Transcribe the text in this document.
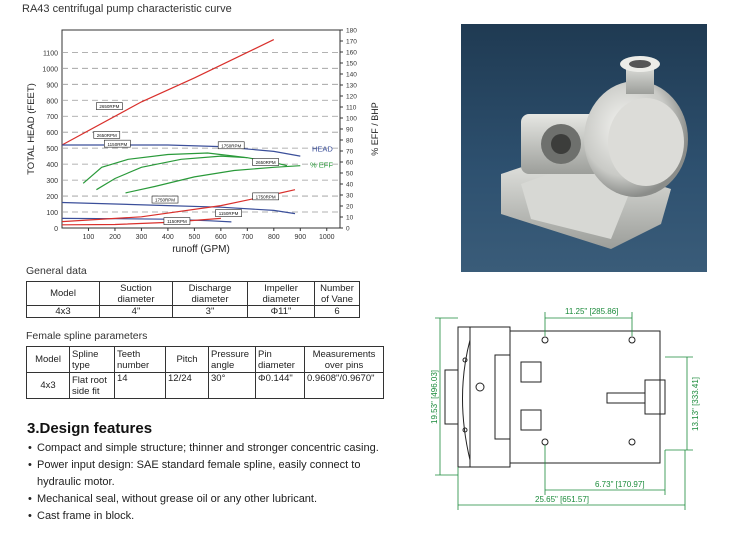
RA43 centrifugal pump characteristic curve
100
200
300
400
500
600
700
800
900
1000
1100
0
100 200 300 400 500 600 700 800 900 1000
0
10
20
30
40
50
60
70
80
90
100
110
120
130
140
150
160
170
180
2650RPM
2650RPM
1150RPM	1750RPM
2650RPM
1750RPM
1750RPM
1150RPM
1150RPM
HEAD
% EFF
runoff (GPM)
TOTAL HEAD (FEET)	% EFF / BHP
General data
Model	Suction diameter	Discharge diameter	Impeller diameter	Number of Vane
4x3	4"	3"	Φ11"	6
Female spline parameters
Model	Spline type	Teeth number	Pitch	Pressure angle	Pin diameter	Measurements over pins
4x3	Flat root side fit	14	12/24	30°	Φ0.144"	0.9608"/0.9670"
3.Design features
• Compact and simple structure; thinner and stronger concentric casing.
• Power input design: SAE standard female spline, easily connect to hydraulic motor.
• Mechanical seal, without grease oil or any other lubricant.
• Cast frame in block.
11.25" [285.86]
19.53" [496.03]	13.13" [333.41]
6.73" [170.97]
25.65" [651.57]
